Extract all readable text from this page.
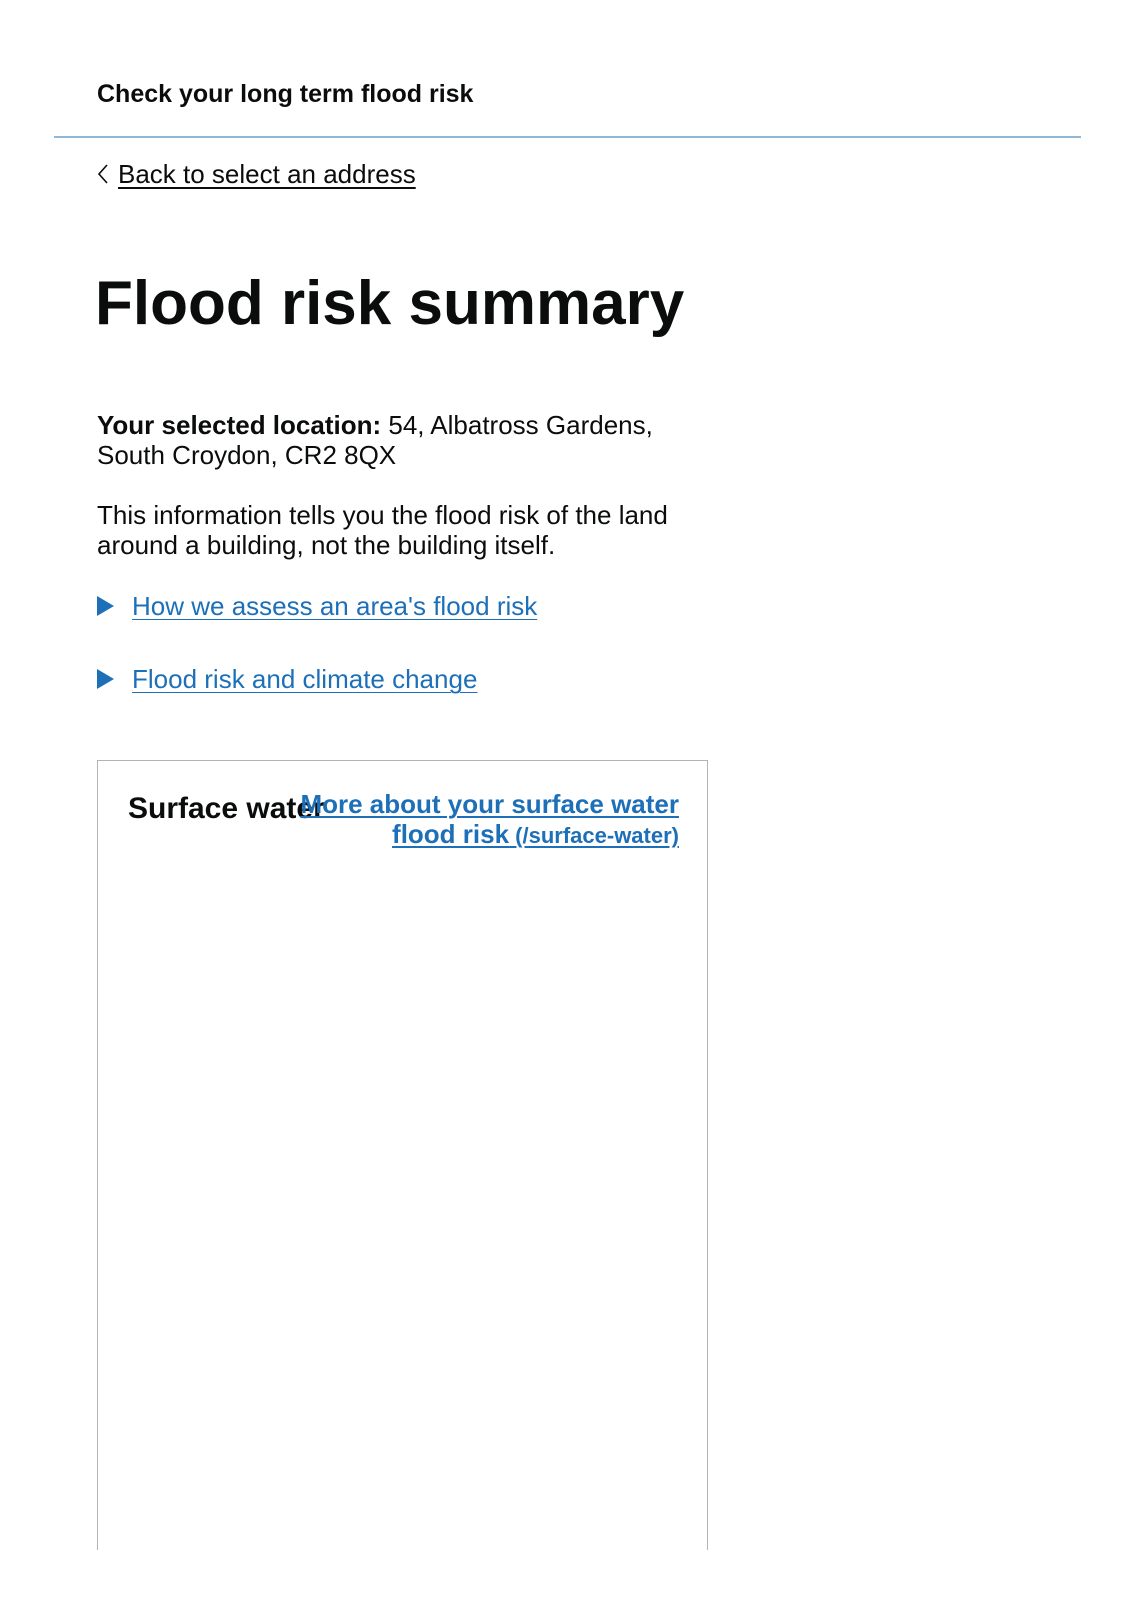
Check your long term flood risk
Back to select an address
Flood risk summary

Your selected location: 54, Albatross Gardens, South Croydon, CR2 8QX

This information tells you the flood risk of the land around a building, not the building itself.

How we assess an area's flood risk
Flood risk and climate change
Surface water
More about your surface water flood risk (/surface-water)
